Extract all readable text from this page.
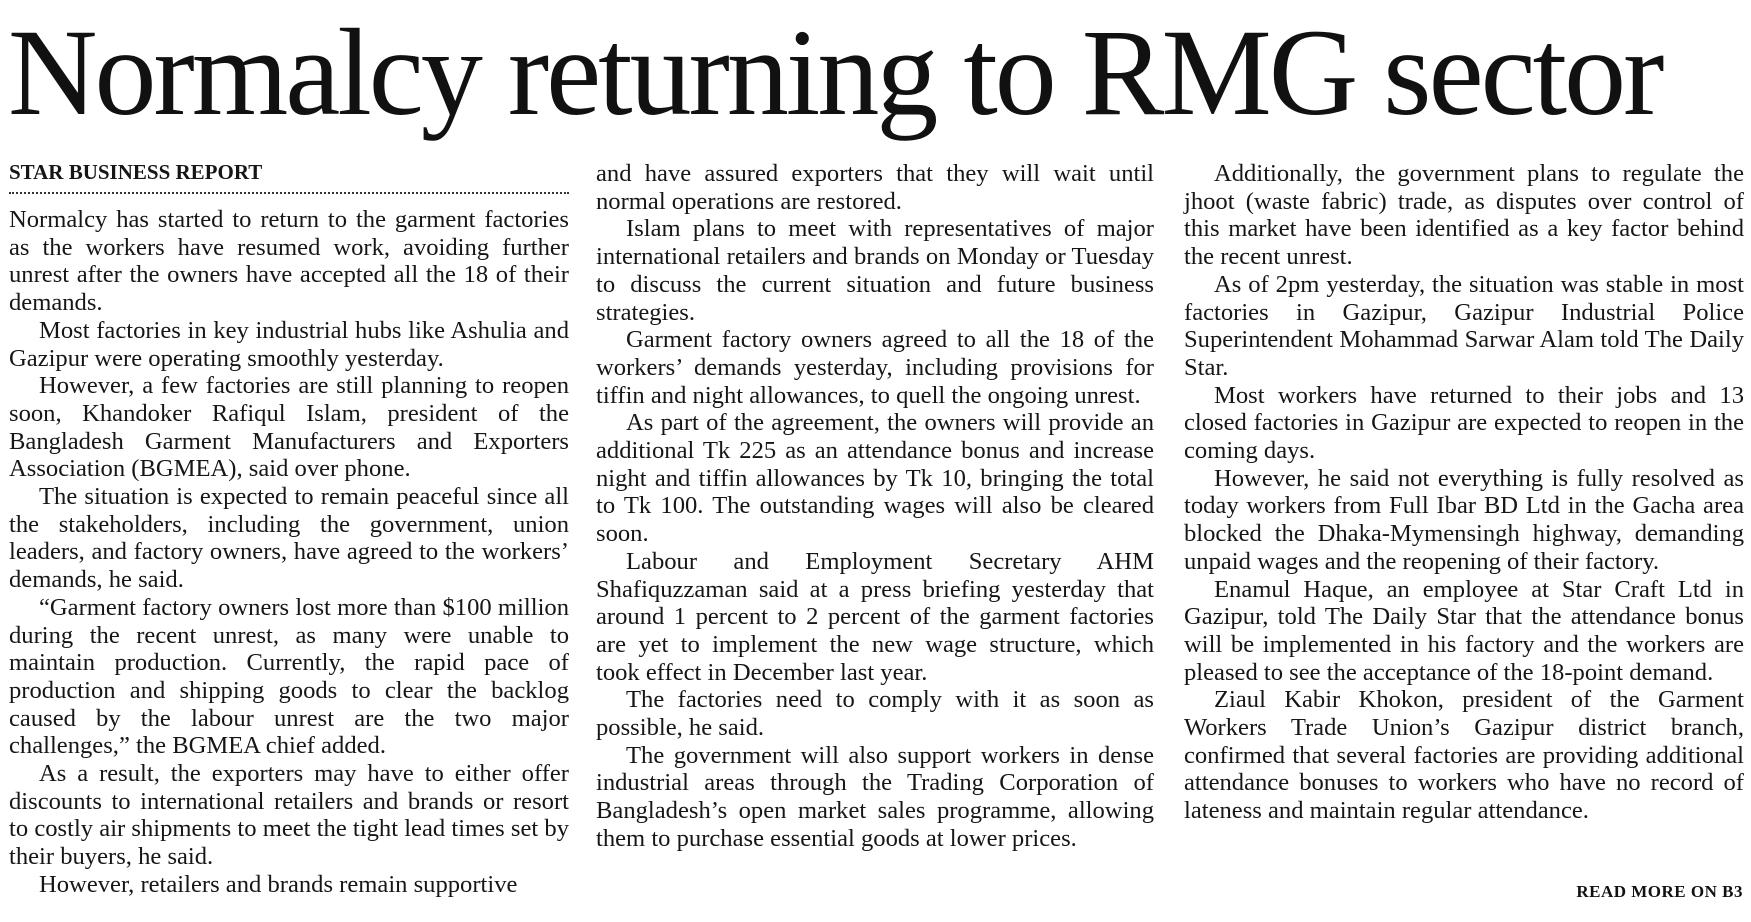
Normalcy returning to RMG sector
STAR BUSINESS REPORT

Normalcy has started to return to the garment factories as the workers have resumed work, avoiding further unrest after the owners have accepted all the 18 of their demands.

Most factories in key industrial hubs like Ashulia and Gazipur were operating smoothly yesterday.

However, a few factories are still planning to reopen soon, Khandoker Rafiqul Islam, president of the Bangladesh Garment Manufacturers and Exporters Association (BGMEA), said over phone.

The situation is expected to remain peaceful since all the stakeholders, including the government, union leaders, and factory owners, have agreed to the workers’ demands, he said.

“Garment factory owners lost more than $100 million during the recent unrest, as many were unable to maintain production. Currently, the rapid pace of production and shipping goods to clear the backlog caused by the labour unrest are the two major challenges,” the BGMEA chief added.

As a result, the exporters may have to either offer discounts to international retailers and brands or resort to costly air shipments to meet the tight lead times set by their buyers, he said.

However, retailers and brands remain supportive

and have assured exporters that they will wait until normal operations are restored.

Islam plans to meet with representatives of major international retailers and brands on Monday or Tuesday to discuss the current situation and future business strategies.

Garment factory owners agreed to all the 18 of the workers’ demands yesterday, including provisions for tiffin and night allowances, to quell the ongoing unrest.

As part of the agreement, the owners will provide an additional Tk 225 as an attendance bonus and increase night and tiffin allowances by Tk 10, bringing the total to Tk 100. The outstanding wages will also be cleared soon.

Labour and Employment Secretary AHM Shafiquzzaman said at a press briefing yesterday that around 1 percent to 2 percent of the garment factories are yet to implement the new wage structure, which took effect in December last year.

The factories need to comply with it as soon as possible, he said.

The government will also support workers in dense industrial areas through the Trading Corporation of Bangladesh’s open market sales programme, allowing them to purchase essential goods at lower prices.

Additionally, the government plans to regulate the jhoot (waste fabric) trade, as disputes over control of this market have been identified as a key factor behind the recent unrest.

As of 2pm yesterday, the situation was stable in most factories in Gazipur, Gazipur Industrial Police Superintendent Mohammad Sarwar Alam told The Daily Star.

Most workers have returned to their jobs and 13 closed factories in Gazipur are expected to reopen in the coming days.

However, he said not everything is fully resolved as today workers from Full Ibar BD Ltd in the Gacha area blocked the Dhaka-Mymensingh highway, demanding unpaid wages and the reopening of their factory.

Enamul Haque, an employee at Star Craft Ltd in Gazipur, told The Daily Star that the attendance bonus will be implemented in his factory and the workers are pleased to see the acceptance of the 18-point demand.

Ziaul Kabir Khokon, president of the Garment Workers Trade Union’s Gazipur district branch, confirmed that several factories are providing additional attendance bonuses to workers who have no record of lateness and maintain regular attendance.

READ MORE ON B3
